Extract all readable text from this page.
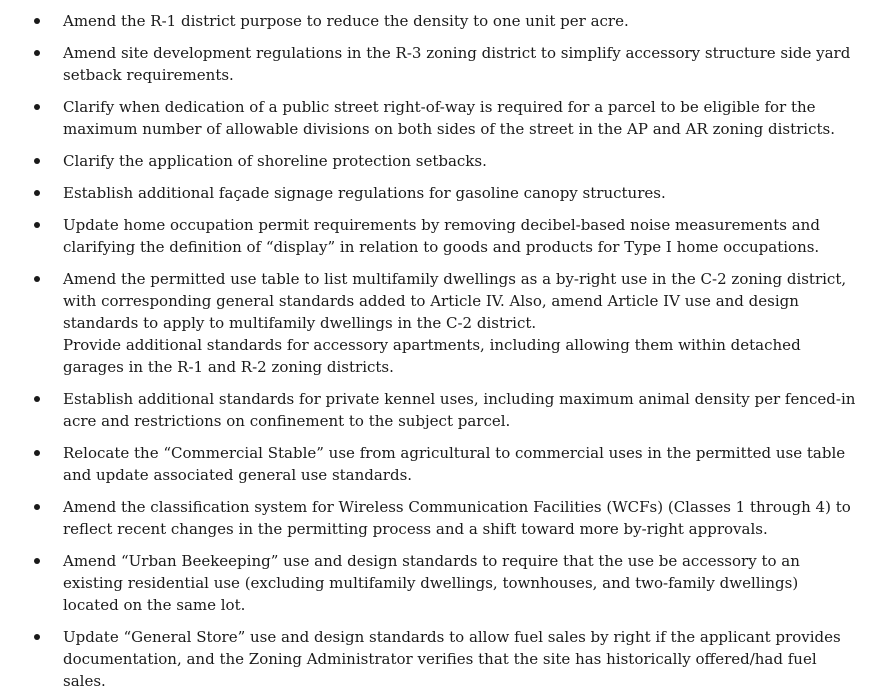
Amend the R-1 district purpose to reduce the density to one unit per acre.
Amend site development regulations in the R-3 zoning district to simplify accessory structure side yard setback requirements.
Clarify when dedication of a public street right-of-way is required for a parcel to be eligible for the maximum number of allowable divisions on both sides of the street in the AP and AR zoning districts.
Clarify the application of shoreline protection setbacks.
Establish additional façade signage regulations for gasoline canopy structures.
Update home occupation permit requirements by removing decibel-based noise measurements and clarifying the definition of “display” in relation to goods and products for Type I home occupations.
Amend the permitted use table to list multifamily dwellings as a by-right use in the C-2 zoning district, with corresponding general standards added to Article IV. Also, amend Article IV use and design standards to apply to multifamily dwellings in the C-2 district.
Provide additional standards for accessory apartments, including allowing them within detached garages in the R-1 and R-2 zoning districts.
Establish additional standards for private kennel uses, including maximum animal density per fenced-in acre and restrictions on confinement to the subject parcel.
Relocate the “Commercial Stable” use from agricultural to commercial uses in the permitted use table and update associated general use standards.
Amend the classification system for Wireless Communication Facilities (WCFs) (Classes 1 through 4) to reflect recent changes in the permitting process and a shift toward more by-right approvals.
Amend “Urban Beekeeping” use and design standards to require that the use be accessory to an existing residential use (excluding multifamily dwellings, townhouses, and two-family dwellings) located on the same lot.
Update “General Store” use and design standards to allow fuel sales by right if the applicant provides documentation, and the Zoning Administrator verifies that the site has historically offered/had fuel sales.
